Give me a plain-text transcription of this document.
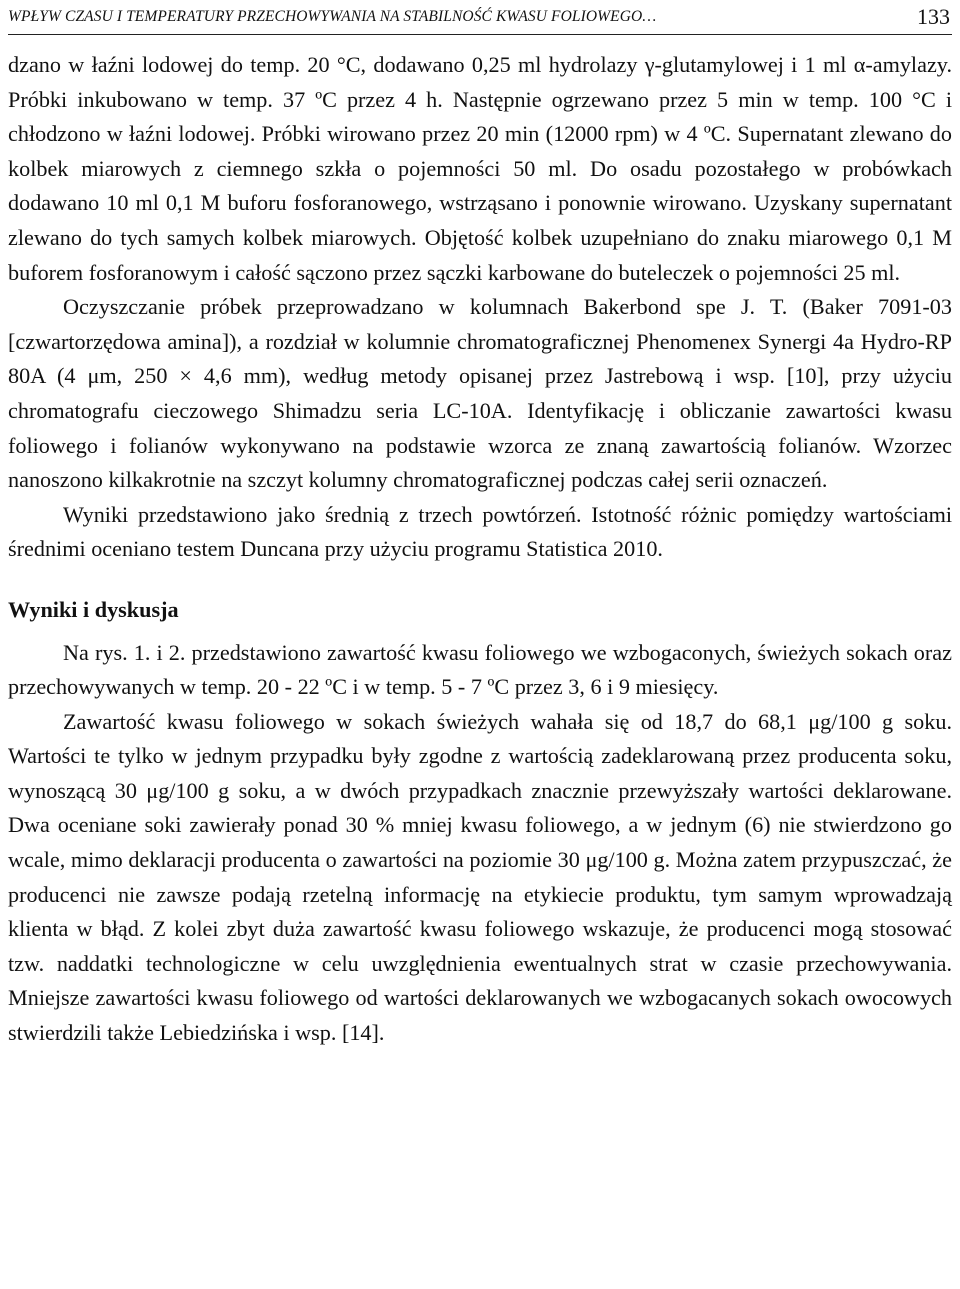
WPŁYW CZASU I TEMPERATURY PRZECHOWYWANIA NA STABILNOŚĆ KWASU FOLIOWEGO…	133

dzano w łaźni lodowej do temp. 20 °C, dodawano 0,25 ml hydrolazy γ-glutamylowej i 1 ml α-amylazy. Próbki inkubowano w temp. 37 ºC przez 4 h. Następnie ogrzewano przez 5 min w temp. 100 °C i chłodzono w łaźni lodowej. Próbki wirowano przez 20 min (12000 rpm) w 4 ºC. Supernatant zlewano do kolbek miarowych z ciemnego szkła o pojemności 50 ml. Do osadu pozostałego w probówkach dodawano 10 ml 0,1 M buforu fosforanowego, wstrząsano i ponownie wirowano. Uzyskany supernatant zlewano do tych samych kolbek miarowych. Objętość kolbek uzupełniano do znaku miarowego 0,1 M buforem fosforanowym i całość sączono przez sączki karbowane do buteleczek o pojemności 25 ml.

Oczyszczanie próbek przeprowadzano w kolumnach Bakerbond spe J. T. (Baker 7091-03 [czwartorzędowa amina]), a rozdział w kolumnie chromatograficznej Phenomenex Synergi 4a Hydro-RP 80A (4 μm, 250 × 4,6 mm), według metody opisanej przez Jastrebową i wsp. [10], przy użyciu chromatografu cieczowego Shimadzu seria LC-10A. Identyfikację i obliczanie zawartości kwasu foliowego i folianów wykonywano na podstawie wzorca ze znaną zawartością folianów. Wzorzec nanoszono kilkakrotnie na szczyt kolumny chromatograficznej podczas całej serii oznaczeń.

Wyniki przedstawiono jako średnią z trzech powtórzeń. Istotność różnic pomiędzy wartościami średnimi oceniano testem Duncana przy użyciu programu Statistica 2010.

Wyniki i dyskusja

Na rys. 1. i 2. przedstawiono zawartość kwasu foliowego we wzbogaconych, świeżych sokach oraz przechowywanych w temp. 20 - 22 ºC i w temp. 5 - 7 ºC przez 3, 6 i 9 miesięcy.

Zawartość kwasu foliowego w sokach świeżych wahała się od 18,7 do 68,1 μg/100 g soku. Wartości te tylko w jednym przypadku były zgodne z wartością zadeklarowaną przez producenta soku, wynoszącą 30 μg/100 g soku, a w dwóch przypadkach znacznie przewyższały wartości deklarowane. Dwa oceniane soki zawierały ponad 30 % mniej kwasu foliowego, a w jednym (6) nie stwierdzono go wcale, mimo deklaracji producenta o zawartości na poziomie 30 μg/100 g. Można zatem przypuszczać, że producenci nie zawsze podają rzetelną informację na etykiecie produktu, tym samym wprowadzają klienta w błąd. Z kolei zbyt duża zawartość kwasu foliowego wskazuje, że producenci mogą stosować tzw. naddatki technologiczne w celu uwzględnienia ewentualnych strat w czasie przechowywania. Mniejsze zawartości kwasu foliowego od wartości deklarowanych we wzbogacanych sokach owocowych stwierdzili także Lebiedzińska i wsp. [14].
